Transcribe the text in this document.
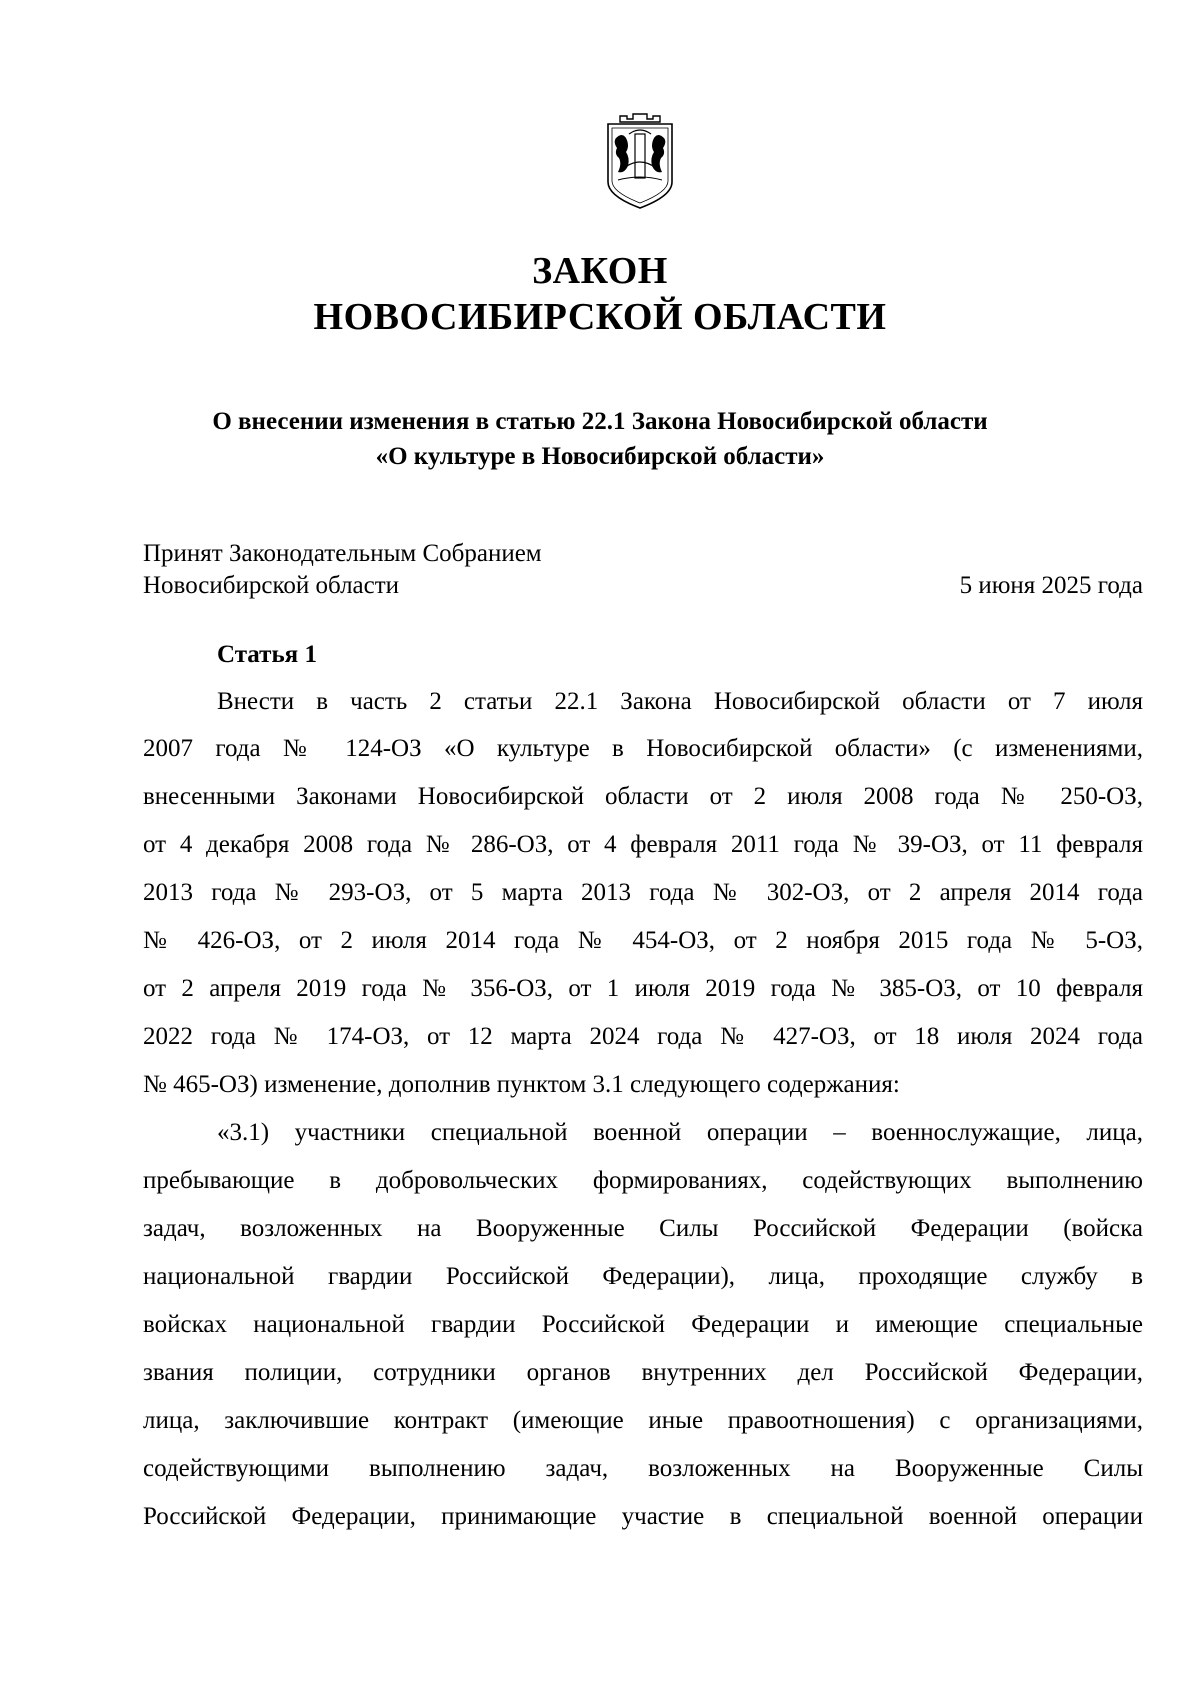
ЗАКОН
НОВОСИБИРСКОЙ ОБЛАСТИ
О внесении изменения в статью 22.1 Закона Новосибирской области
«О культуре в Новосибирской области»
Принят Законодательным Собранием
Новосибирской области	5 июня 2025 года
Статья 1
Внести в часть 2 статьи 22.1 Закона Новосибирской области от 7 июля
2007 года № 124-ОЗ «О культуре в Новосибирской области» (с изменениями,
внесенными Законами Новосибирской области от 2 июля 2008 года № 250-ОЗ,
от 4 декабря 2008 года № 286-ОЗ, от 4 февраля 2011 года № 39-ОЗ, от 11 февраля
2013 года № 293-ОЗ, от 5 марта 2013 года № 302-ОЗ, от 2 апреля 2014 года
№ 426-ОЗ, от 2 июля 2014 года № 454-ОЗ, от 2 ноября 2015 года № 5-ОЗ,
от 2 апреля 2019 года № 356-ОЗ, от 1 июля 2019 года № 385-ОЗ, от 10 февраля
2022 года № 174-ОЗ, от 12 марта 2024 года № 427-ОЗ, от 18 июля 2024 года
№ 465-ОЗ) изменение, дополнив пунктом 3.1 следующего содержания:
«3.1) участники специальной военной операции – военнослужащие, лица,
пребывающие в добровольческих формированиях, содействующих выполнению
задач, возложенных на Вооруженные Силы Российской Федерации (войска
национальной гвардии Российской Федерации), лица, проходящие службу в
войсках национальной гвардии Российской Федерации и имеющие специальные
звания полиции, сотрудники органов внутренних дел Российской Федерации,
лица, заключившие контракт (имеющие иные правоотношения) с организациями,
содействующими выполнению задач, возложенных на Вооруженные Силы
Российской Федерации, принимающие участие в специальной военной операции
